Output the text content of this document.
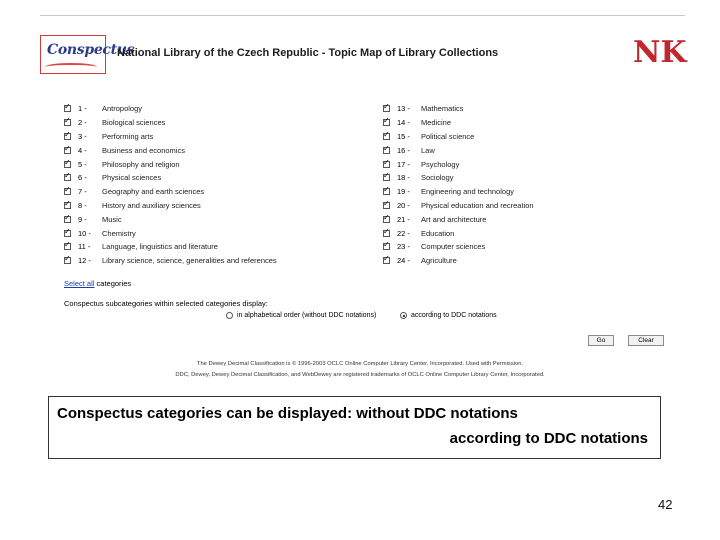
Conspectus
National Library of the Czech Republic - Topic Map of Library Collections	NK
✓
1 -	Antropology
✓
2 -	Biological sciences
✓
3 -	Performing arts
✓
4 -	Business and economics
✓
5 -	Philosophy and religion
✓
6 -	Physical sciences
✓
7 -	Geography and earth sciences
✓
8 -	History and auxiliary sciences
✓
9 -	Music
✓
10 -	Chemistry
✓
11 -	Language, linguistics and literature
✓
12 -	Library science, science, generalities and references
✓
13 -	Mathematics
✓
14 -	Medicine
✓
15 -	Political science
✓
16 -	Law
✓
17 -	Psychology
✓
18 -	Sociology
✓
19 -	Engineering and technology
✓
20 -	Physical education and recreation
✓
21 -	Art and architecture
✓
22 -	Education
✓
23 -	Computer sciences
✓
24 -	Agriculture
Select all categories
Conspectus subcategories within selected categories display:
in alphabetical order (without DDC notations)	according to DDC notations
Go	Clear
The Dewey Decimal Classification is © 1996-2003 OCLC Online Computer Library Center, Incorporated. Used with Permission.
DDC, Dewey, Dewey Decimal Classification, and WebDewey are registered trademarks of OCLC Online Computer Library Center, Incorporated.
Conspectus categories can be displayed: without DDC notations
according to DDC notations
42
